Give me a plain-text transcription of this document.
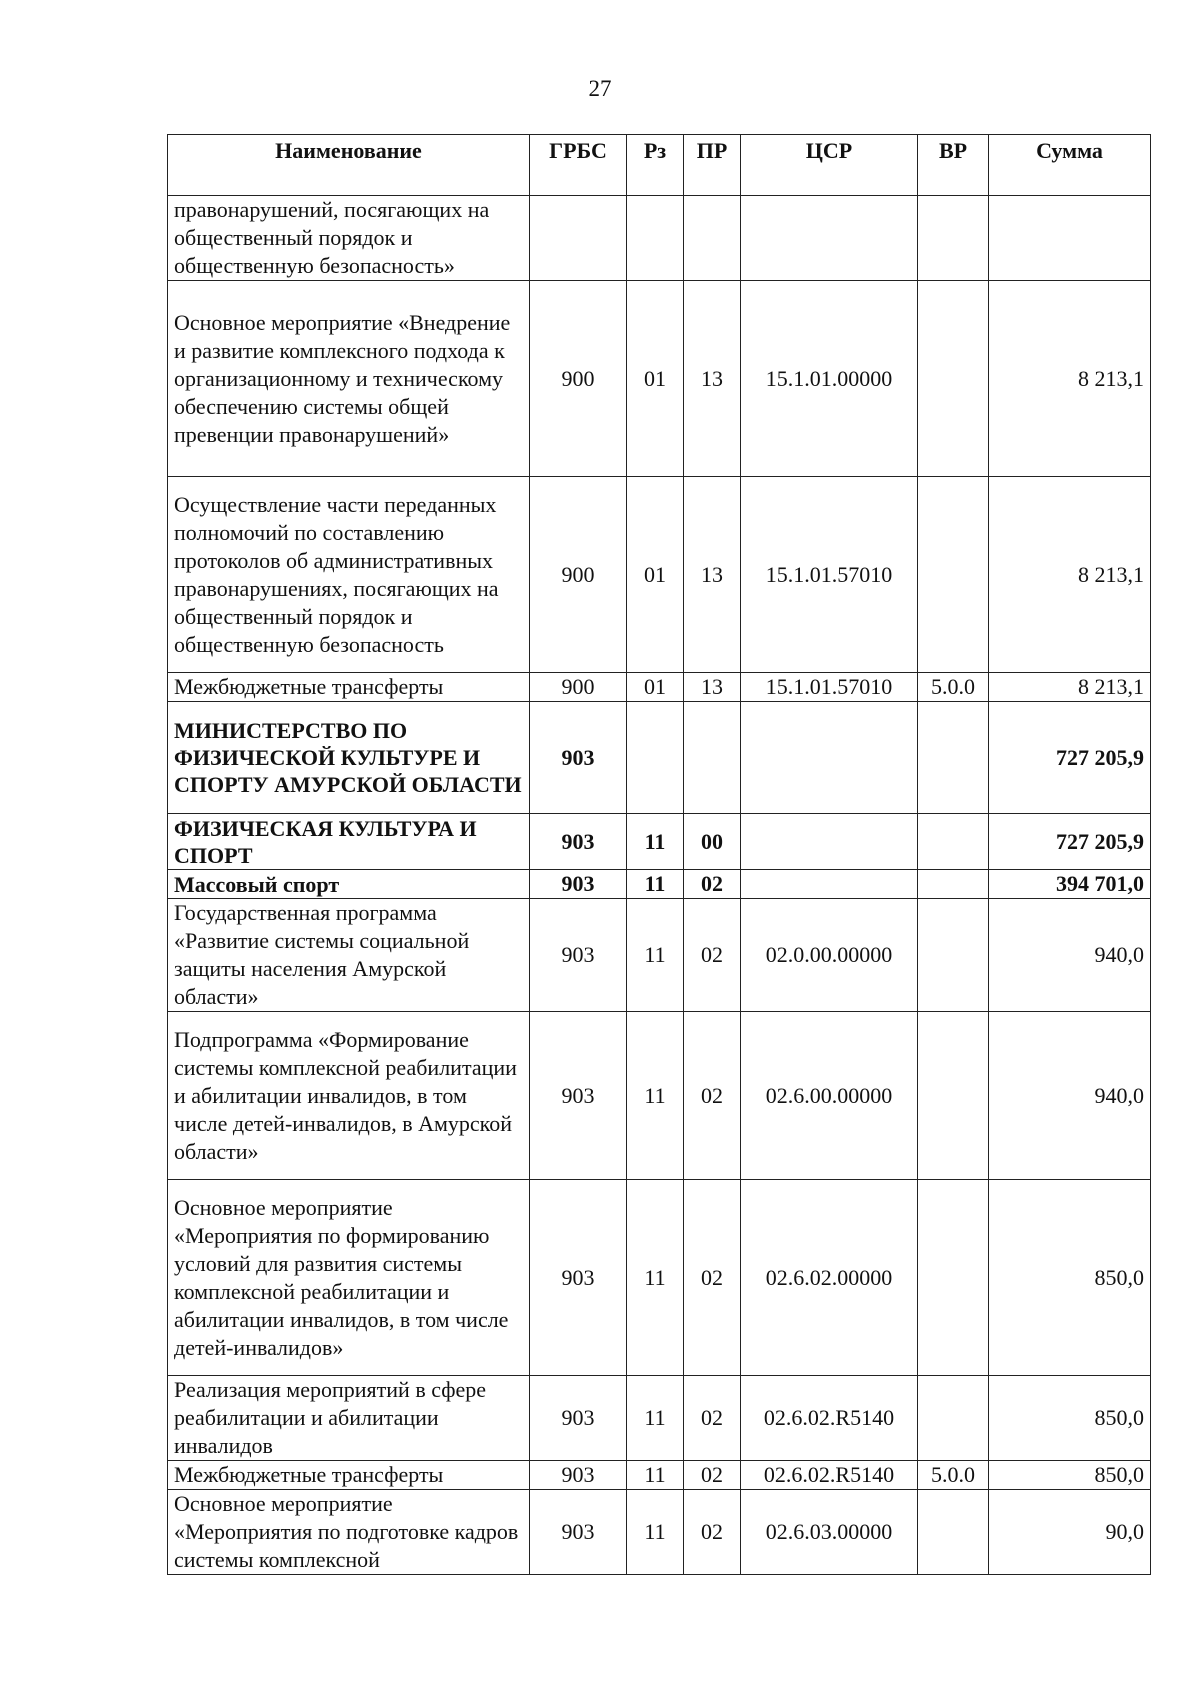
27
Наименование	ГРБС	Рз	ПР	ЦСР	ВР	Сумма
правонарушений, посягающих на общественный порядок и общественную безопасность»						
Основное мероприятие «Внедрение и развитие комплексного подхода к организационному и техническому обеспечению системы общей превенции правонарушений»	900	01	13	15.1.01.00000		8 213,1
Осуществление части переданных полномочий по составлению протоколов об административных правонарушениях, посягающих на общественный порядок и общественную безопасность	900	01	13	15.1.01.57010		8 213,1
Межбюджетные трансферты	900	01	13	15.1.01.57010	5.0.0	8 213,1
МИНИСТЕРСТВО ПО ФИЗИЧЕСКОЙ КУЛЬТУРЕ И СПОРТУ АМУРСКОЙ ОБЛАСТИ	903					727 205,9
ФИЗИЧЕСКАЯ КУЛЬТУРА И СПОРТ	903	11	00			727 205,9
Массовый спорт	903	11	02			394 701,0
Государственная программа «Развитие системы социальной защиты населения Амурской области»	903	11	02	02.0.00.00000		940,0
Подпрограмма «Формирование системы комплексной реабилитации и абилитации инвалидов, в том числе детей-инвалидов, в Амурской области»	903	11	02	02.6.00.00000		940,0
Основное мероприятие «Мероприятия по формированию условий для развития системы комплексной реабилитации и абилитации инвалидов, в том числе детей-инвалидов»	903	11	02	02.6.02.00000		850,0
Реализация мероприятий в сфере реабилитации и абилитации инвалидов	903	11	02	02.6.02.R5140		850,0
Межбюджетные трансферты	903	11	02	02.6.02.R5140	5.0.0	850,0
Основное мероприятие «Мероприятия по подготовке кадров системы комплексной	903	11	02	02.6.03.00000		90,0
